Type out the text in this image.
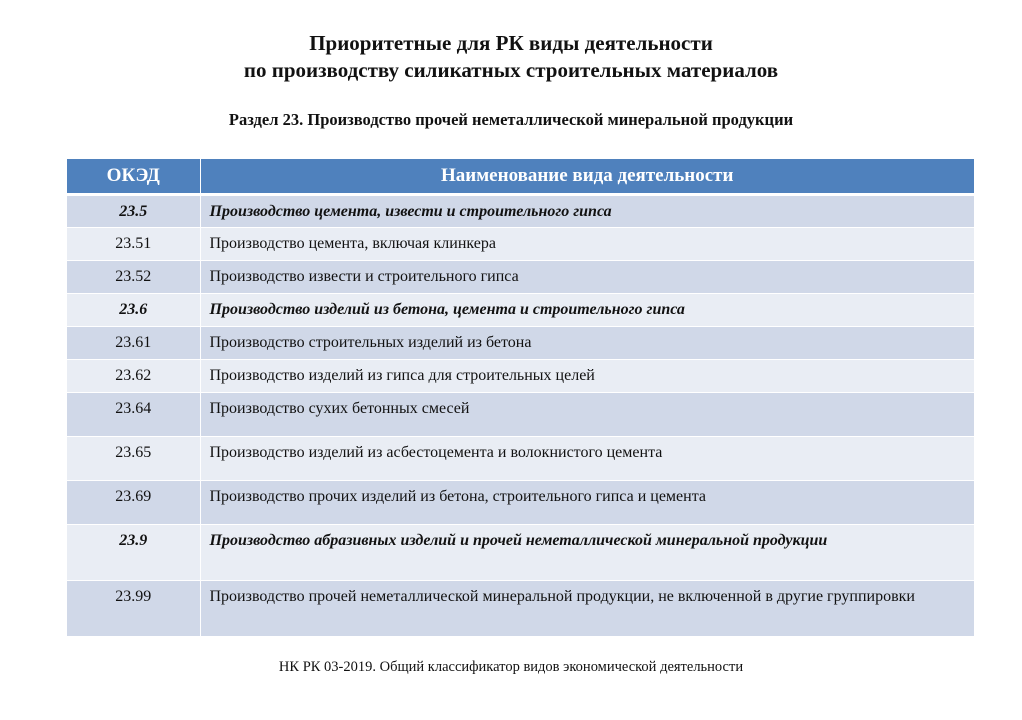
Приоритетные для РК виды деятельности
по производству силикатных строительных материалов
Раздел 23. Производство прочей неметаллической минеральной продукции
ОКЭД	Наименование вида деятельности
23.5	Производство цемента, извести и строительного гипса
23.51	Производство цемента, включая клинкера
23.52	Производство извести и строительного гипса
23.6	Производство изделий из бетона, цемента и строительного гипса
23.61	Производство строительных изделий из бетона
23.62	Производство изделий из гипса для строительных целей
23.64	Производство сухих бетонных смесей
23.65	Производство изделий из асбестоцемента и волокнистого цемента
23.69	Производство прочих изделий из бетона, строительного гипса и цемента
23.9	Производство абразивных изделий и прочей неметаллической минеральной продукции
23.99	Производство прочей неметаллической минеральной продукции, не включенной в другие группировки
НК РК 03-2019. Общий классификатор видов экономической деятельности
